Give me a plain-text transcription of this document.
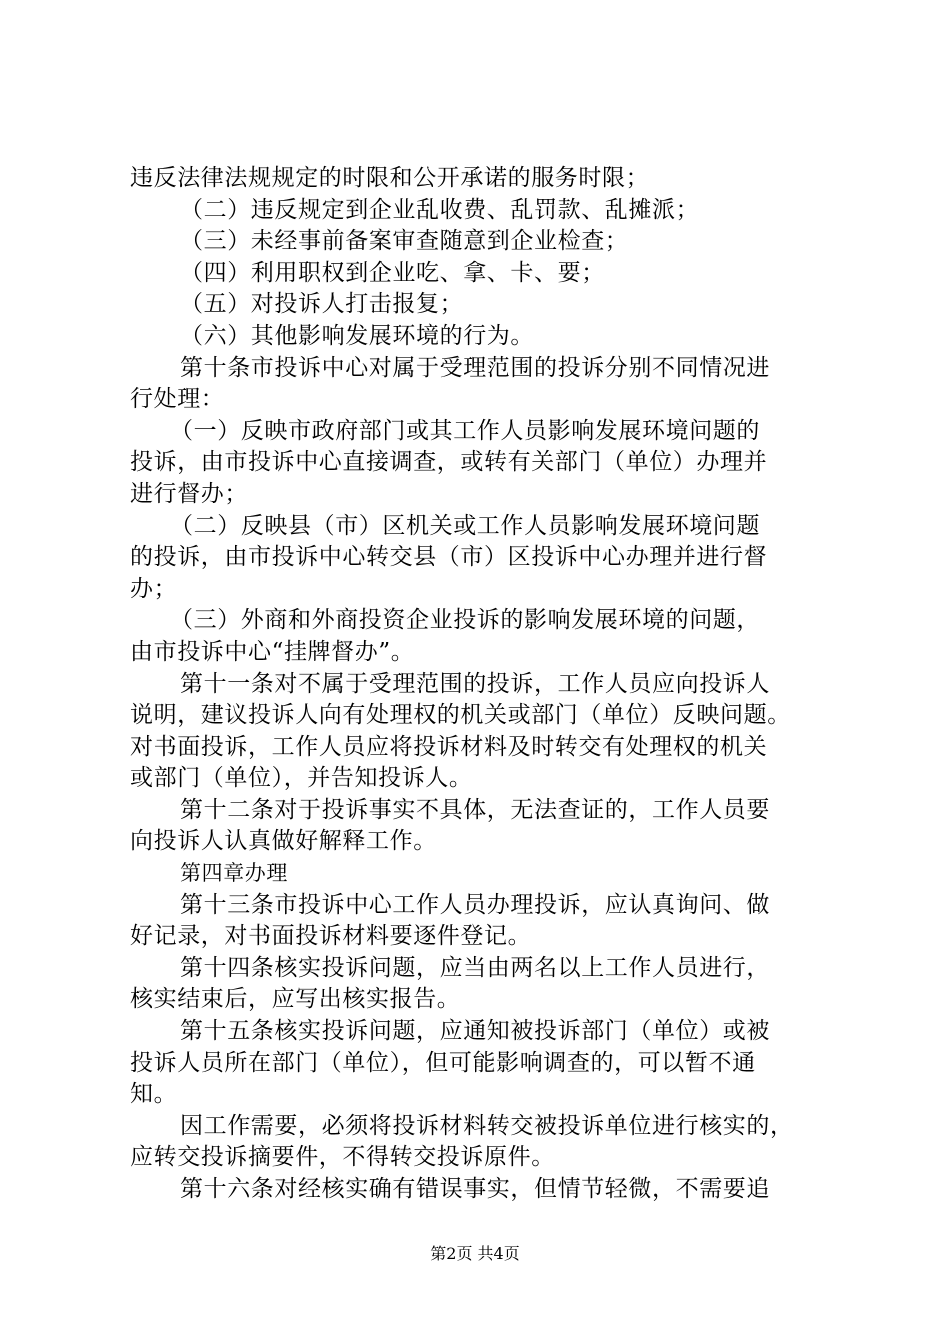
违反法律法规规定的时限和公开承诺的服务时限；
（二）违反规定到企业乱收费、乱罚款、乱摊派；
（三）未经事前备案审查随意到企业检查；
（四）利用职权到企业吃、拿、卡、要；
（五）对投诉人打击报复；
（六）其他影响发展环境的行为。
第十条市投诉中心对属于受理范围的投诉分别不同情况进
行处理：
（一）反映市政府部门或其工作人员影响发展环境问题的
投诉，由市投诉中心直接调查，或转有关部门（单位）办理并
进行督办；
（二）反映县（市）区机关或工作人员影响发展环境问题
的投诉，由市投诉中心转交县（市）区投诉中心办理并进行督
办；
（三）外商和外商投资企业投诉的影响发展环境的问题，
由市投诉中心“挂牌督办”。
第十一条对不属于受理范围的投诉，工作人员应向投诉人
说明，建议投诉人向有处理权的机关或部门（单位）反映问题。
对书面投诉，工作人员应将投诉材料及时转交有处理权的机关
或部门（单位），并告知投诉人。
第十二条对于投诉事实不具体，无法查证的，工作人员要
向投诉人认真做好解释工作。
第四章办理
第十三条市投诉中心工作人员办理投诉，应认真询问、做
好记录，对书面投诉材料要逐件登记。
第十四条核实投诉问题，应当由两名以上工作人员进行，
核实结束后，应写出核实报告。
第十五条核实投诉问题，应通知被投诉部门（单位）或被
投诉人员所在部门（单位），但可能影响调查的，可以暂不通
知。
因工作需要，必须将投诉材料转交被投诉单位进行核实的，
应转交投诉摘要件，不得转交投诉原件。
第十六条对经核实确有错误事实，但情节轻微，不需要追
第2页 共4页
